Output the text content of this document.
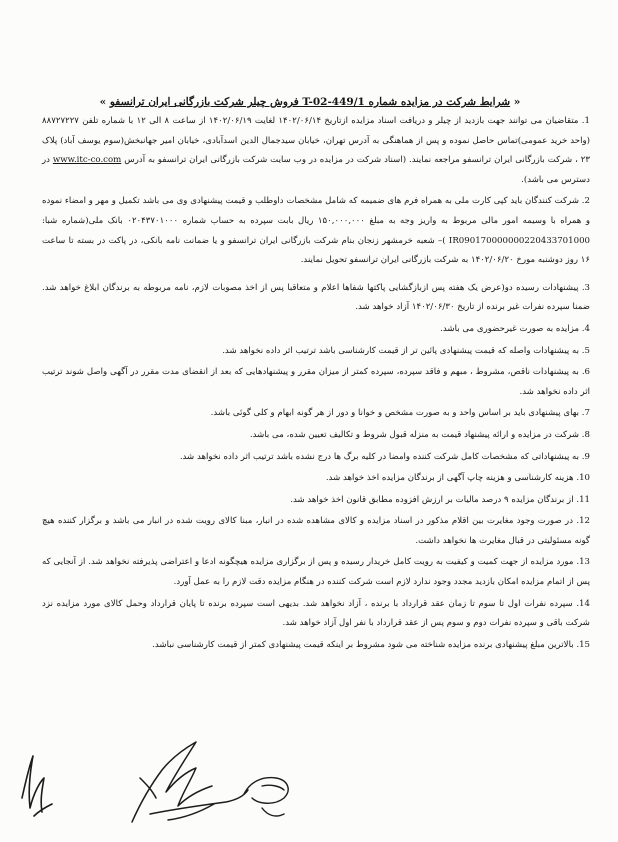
« شرایط شرکت در مزایده شماره T-02-449/1 فروش چیلر شرکت بازرگانی ایران ترانسفو »

1. متقاضیان می توانند جهت بازدید از چیلر و دریافت اسناد مزایده ازتاریخ ۱۴۰۲/۰۶/۱۴ لغایت ۱۴۰۲/۰۶/۱۹ از ساعت ۸ الی ۱۲ با شماره تلفن ۸۸۷۲۷۲۲۷ (واحد خرید عمومی)تماس حاصل نموده و پس از هماهنگی به آدرس تهران، خیابان سیدجمال الدین اسدآبادی، خیابان امیر جهانبخش(سوم یوسف آباد) پلاک ۲۳ ، شرکت بازرگانی ایران ترانسفو مراجعه نمایند. (اسناد شرکت در مزایده در وب سایت شرکت بازرگانی ایران ترانسفو به آدرس www.itc-co.com در دسترس می باشد).

2. شرکت کنندگان باید کپی کارت ملی به همراه فرم های ضمیمه که شامل مشخصات داوطلب و قیمت پیشنهادی وی می باشد تکمیل و مهر و امضاء نموده و همراه با وسیمه امور مالی مربوط به واریز وجه به مبلغ ۱۵۰,۰۰۰,۰۰۰ ریال بابت سپرده به حساب شماره ۰۲۰۴۳۷۰۱۰۰۰ بانک ملی(شماره شبا: IR090170000000220433701000 )– شعبه خرمشهر زنجان بنام شرکت بازرگانی ایران ترانسفو و یا ضمانت نامه بانکی، در پاکت در بسته تا ساعت ۱۶ روز دوشنبه مورخ ۱۴۰۲/۰۶/۲۰ به شرکت بازرگانی ایران ترانسفو تحویل نمایند.

3. پیشنهادات رسیده دو(عرض یک هفته پس ازبازگشایی پاکتها شفاها اعلام و متعاقبا پس از اخذ مصوبات لازم، نامه مربوطه به برندگان ابلاغ خواهد شد. ضمنا سپرده نفرات غیر برنده از تاریخ ۱۴۰۲/۰۶/۳۰ آزاد خواهد شد.

4. مزایده به صورت غیرحضوری می باشد.

5. به پیشنهادات واصله که قیمت پیشنهادی پائین تر از قیمت کارشناسی باشد ترتیب اثر داده نخواهد شد.

6. به پیشنهادات ناقص، مشروط ، مبهم و فاقد سپرده، سپرده کمتر از میزان مقرر و پیشنهادهایی که بعد از انقضای مدت مقرر در آگهی واصل شوند ترتیب اثر داده نخواهد شد.

7. بهای پیشنهادی باید بر اساس واحد و به صورت مشخص و خوانا و دور از هر گونه ابهام و کلی گوئی باشد.

8. شرکت در مزایده و ارائه پیشنهاد قیمت به منزله قبول شروط و تکالیف تعیین شده، می باشد.

9. به پیشنهاداتی که مشخصات کامل شرکت کننده وامضا در کلیه برگ ها درج نشده باشد ترتیب اثر داده نخواهد شد.

10. هزینه کارشناسی و هزینه چاپ آگهی از برندگان مزایده اخذ خواهد شد.

11. از برندگان مزایده ۹ درصد مالیات بر ارزش افزوده مطابق قانون اخذ خواهد شد.

12. در صورت وجود مغایرت بین اقلام مذکور در اسناد مزایده و کالای مشاهده شده در انبار، مبنا کالای رویت شده در انبار می باشد و برگزار کننده هیچ گونه مسئولیتی در قبال مغایرت ها نخواهد داشت.

13. مورد مزایده از جهت کمیت و کیفیت به رویت کامل خریدار رسیده و پس از برگزاری مزایده هیچگونه ادعا و اعتراضی پذیرفته نخواهد شد. از آنجایی که پس از اتمام مزایده امکان بازدید مجدد وجود ندارد لازم است شرکت کننده در هنگام مزایده دقت لازم را به عمل آورد.

14. سپرده نفرات اول تا سوم تا زمان عقد قرارداد با برنده ، آزاد نخواهد شد. بدیهی است سپرده برنده تا پایان قرارداد وحمل کالای مورد مزایده نزد شرکت باقی و سپرده نفرات دوم و سوم پس از عقد قرارداد با نفر اول آزاد خواهد شد.

15. بالاترین مبلغ پیشنهادی برنده مزایده شناخته می شود مشروط بر اینکه قیمت پیشنهادی کمتر از قیمت کارشناسی نباشد.
